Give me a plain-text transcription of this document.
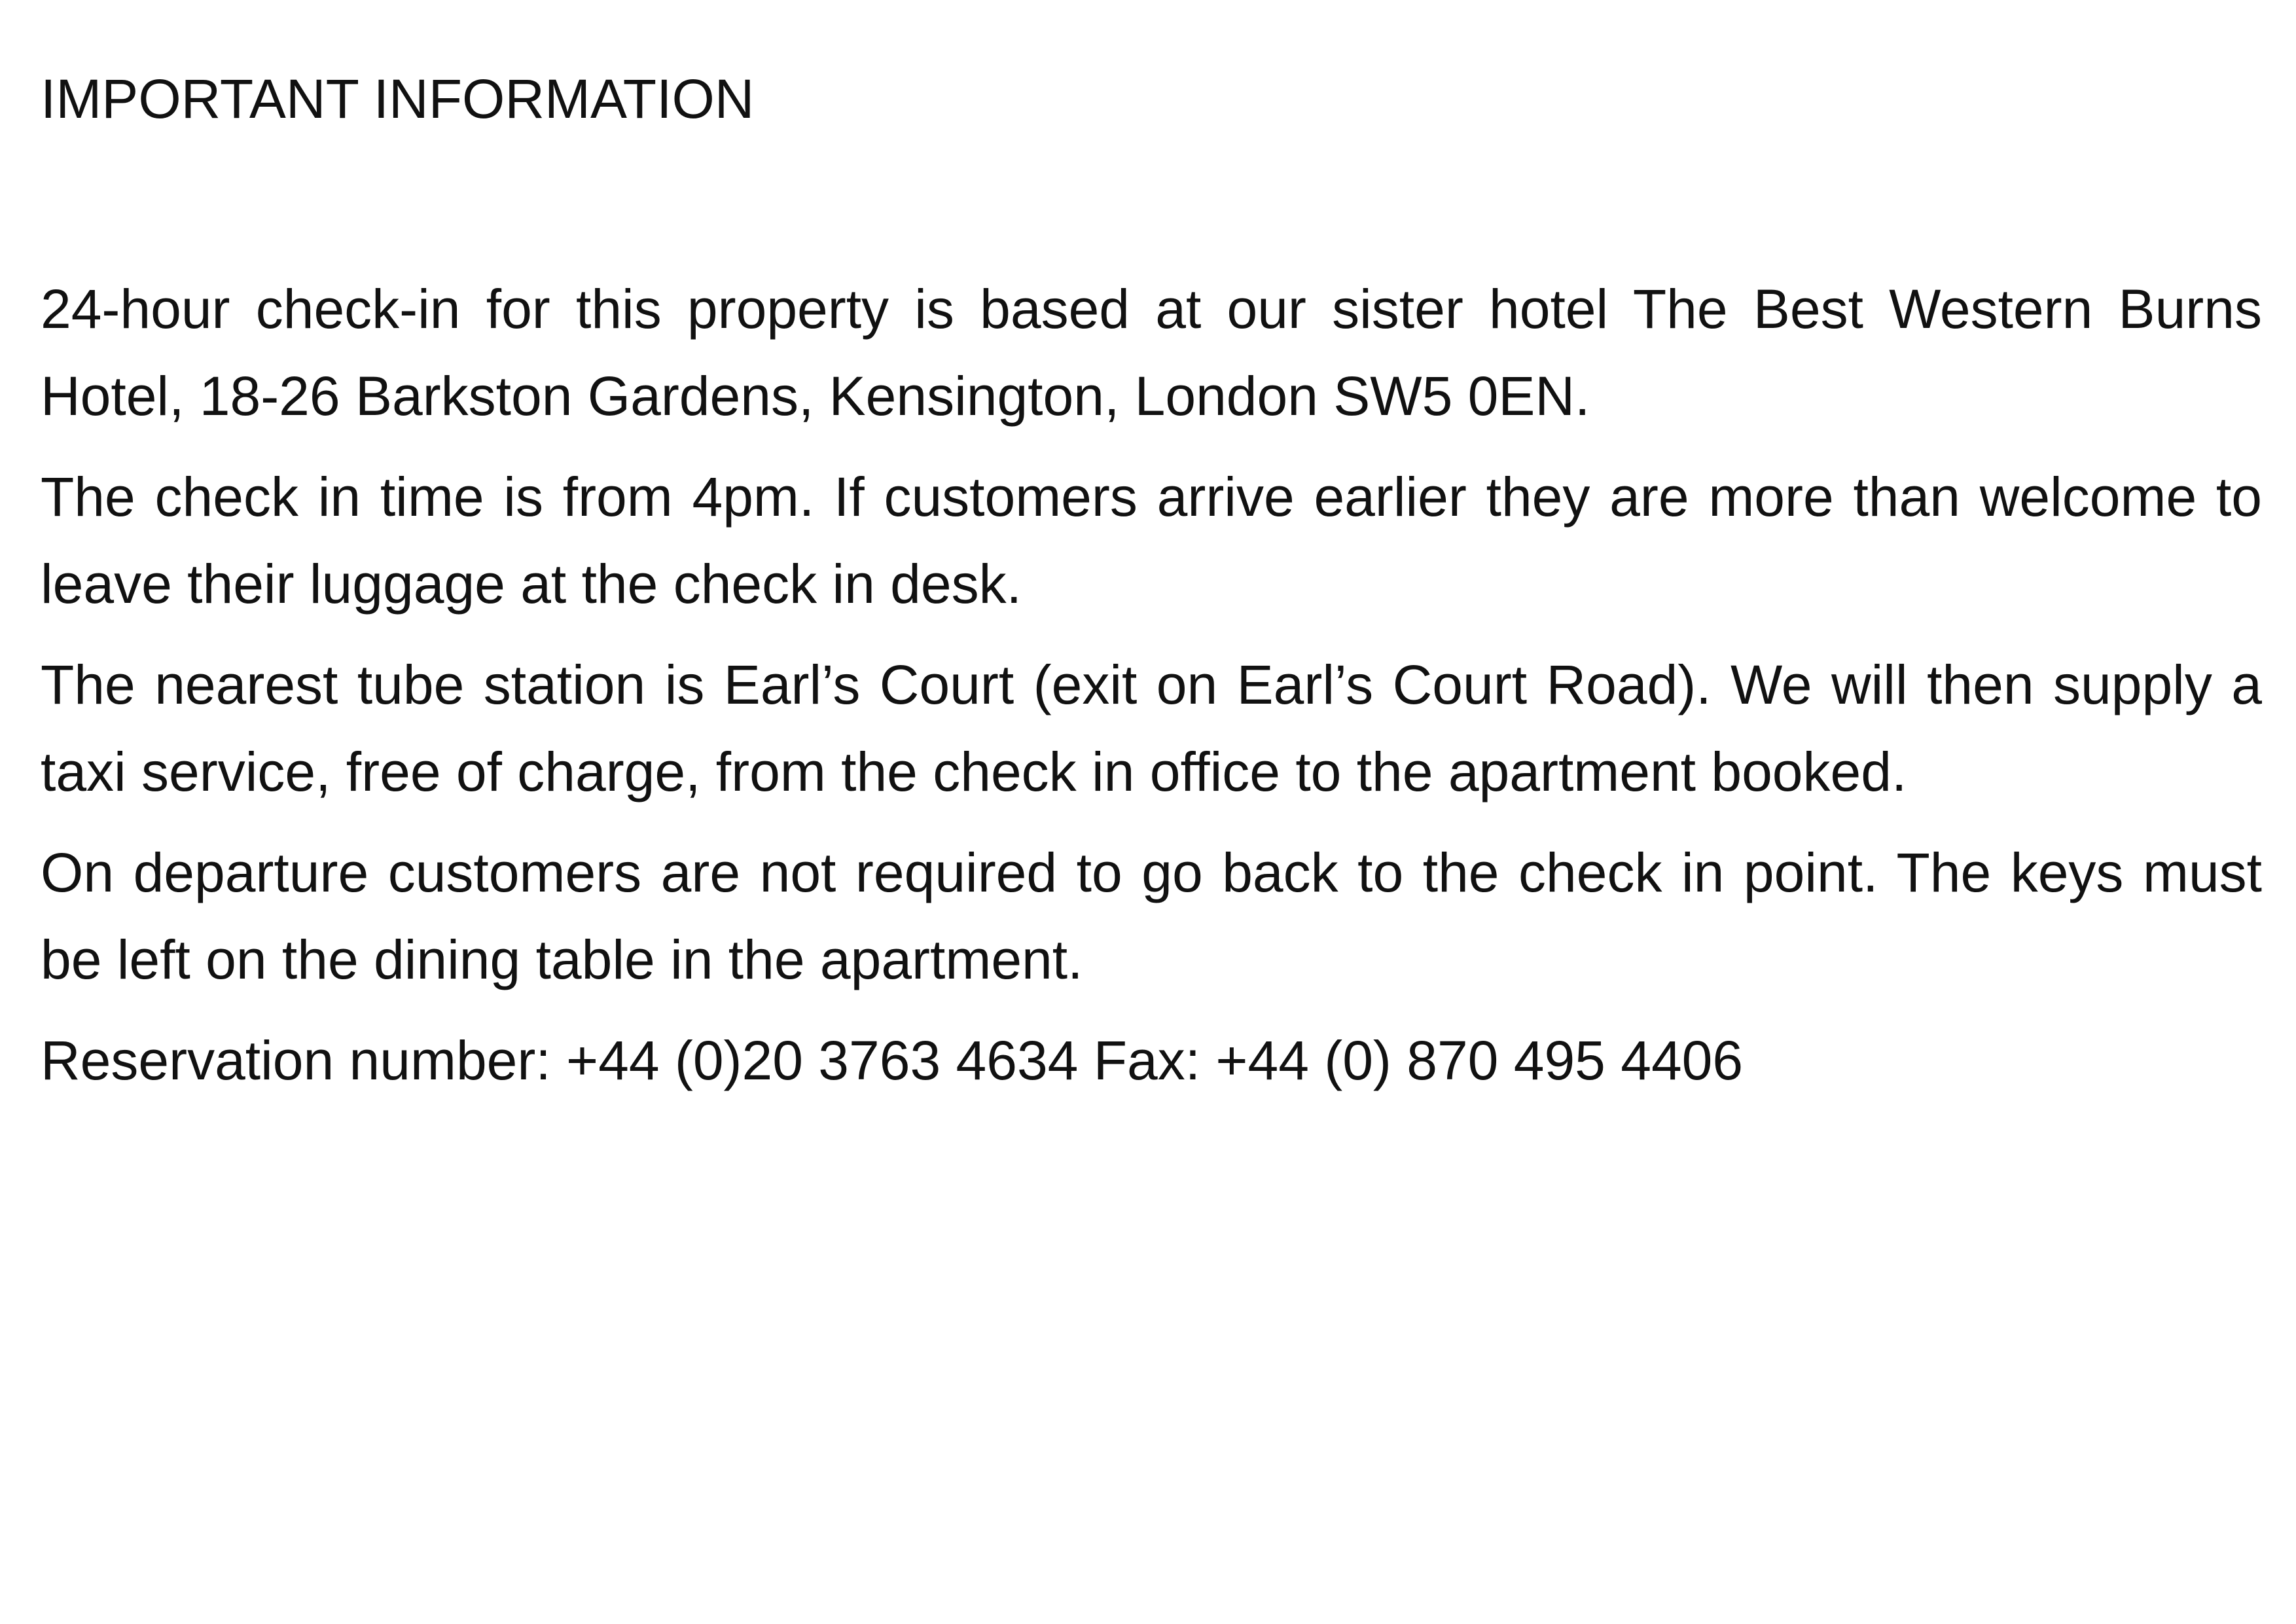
IMPORTANT INFORMATION

24-hour check-in for this property is based at our sister hotel The Best Western Burns Hotel, 18-26 Barkston Gardens, Kensington, London SW5 0EN.

The check in time is from 4pm. If customers arrive earlier they are more than welcome to leave their luggage at the check in desk.

The nearest tube station is Earl’s Court (exit on Earl’s Court Road). We will then supply a taxi service, free of charge, from the check in office to the apartment booked.

On departure customers are not required to go back to the check in point. The keys must be left on the dining table in the apartment.

Reservation number: +44 (0)20 3763 4634 Fax: +44 (0) 870 495 4406
